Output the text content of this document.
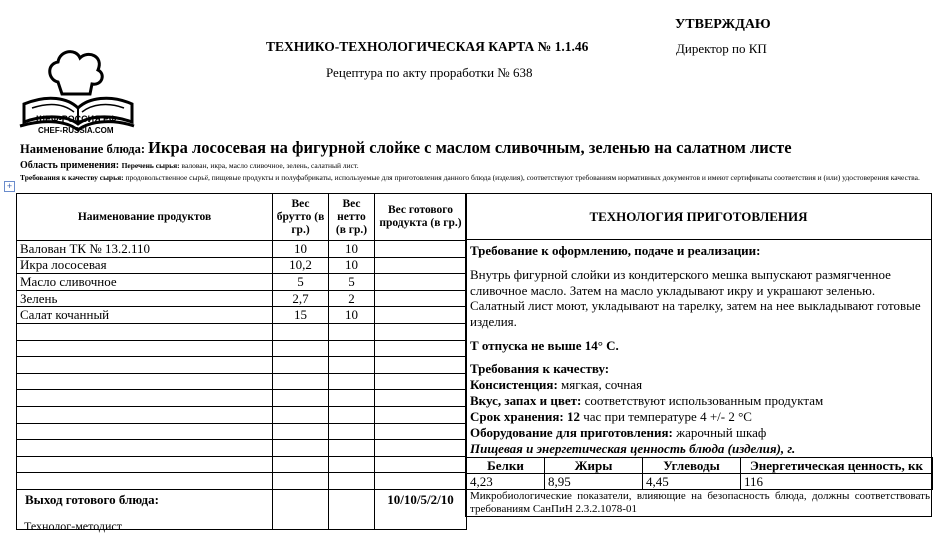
ШЕФ-РОССИЯ.РФ
CHEF-RUSSIA.COM
ТЕХНИКО-ТЕХНОЛОГИЧЕСКАЯ КАРТА № 1.1.46
Рецептура по акту проработки № 638
УТВЕРЖДАЮ
Директор по КП
Наименование блюда: Икра лососевая на фигурной слойке с маслом сливочным, зеленью на салатном листе
Область применения: Перечень сырья: валован, икра, масло сливочное, зелень, салатный лист.
+
Требования к качеству сырья: продовольственное сырьё, пищевые продукты и полуфабрикаты, используемые для приготовления данного блюда (изделия), соответствуют требованиям нормативных документов и имеют сертификаты соответствия и (или) удостоверения качества.
Наименование продуктов	Вес брутто (в гр.)	Вес нетто (в гр.)	Вес готового продукта (в гр.)
Валован ТК № 13.2.110	10	10	
Икра лососевая	10,2	10	
Масло сливочное	5	5	
Зелень	2,7	2	
Салат кочанный	15	10	

Выход готового блюда:			10/10/5/2/10
ТЕХНОЛОГИЯ ПРИГОТОВЛЕНИЯ
Требование к оформлению, подаче и реализации:
Внутрь фигурной слойки из кондитерского мешка выпускают размягченное сливочное масло. Затем на масло укладывают икру и украшают зеленью. Салатный лист моют, укладывают на тарелку, затем на нее выкладывают готовые изделия.
Т отпуска не выше 14° С.
Требования к качеству:
Консистенция: мягкая, сочная
Вкус, запах и цвет: соответствуют использованным продуктам
Срок хранения: 12 час при температуре 4 +/- 2 °С
Оборудование для приготовления: жарочный шкаф
Пищевая и энергетическая ценность блюда (изделия), г.
Белки	Жиры	Углеводы	Энергетическая ценность, кк
4,23	8,95	4,45	116
Микробиологические показатели, влияющие на безопасность блюда, должны соответствовать требованиям СанПиН 2.3.2.1078-01
Технолог-методист
